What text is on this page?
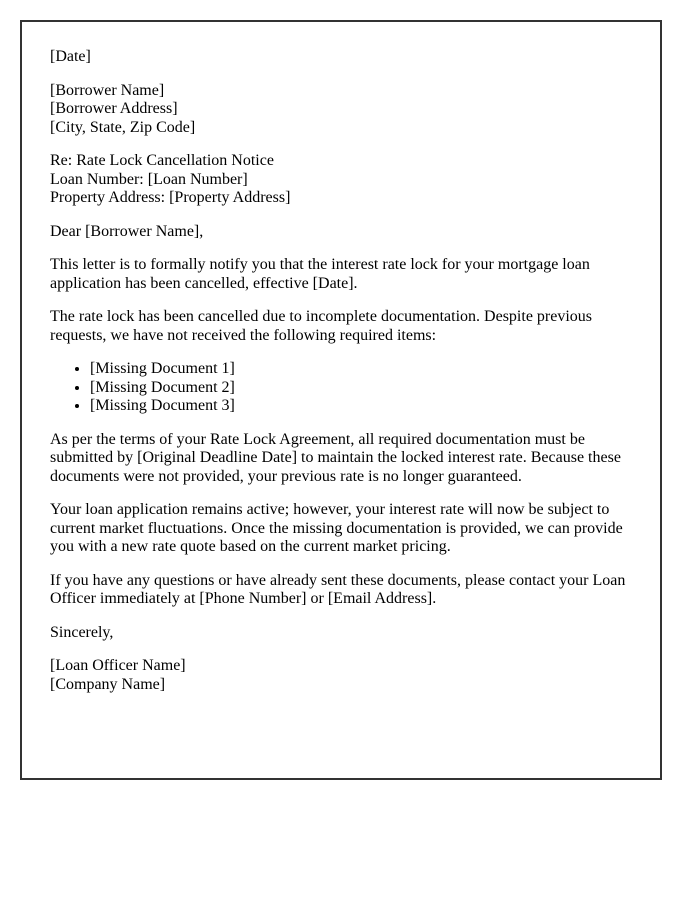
[Date]

[Borrower Name]
[Borrower Address]
[City, State, Zip Code]
Re: Rate Lock Cancellation Notice
Loan Number: [Loan Number]
Property Address: [Property Address]

Dear [Borrower Name],

This letter is to formally notify you that the interest rate lock for your mortgage loan application has been cancelled, effective [Date].

The rate lock has been cancelled due to incomplete documentation. Despite previous requests, we have not received the following required items:

• [Missing Document 1]
• [Missing Document 2]
• [Missing Document 3]

As per the terms of your Rate Lock Agreement, all required documentation must be submitted by [Original Deadline Date] to maintain the locked interest rate. Because these documents were not provided, your previous rate is no longer guaranteed.

Your loan application remains active; however, your interest rate will now be subject to current market fluctuations. Once the missing documentation is provided, we can provide you with a new rate quote based on the current market pricing.

If you have any questions or have already sent these documents, please contact your Loan Officer immediately at [Phone Number] or [Email Address].

Sincerely,

[Loan Officer Name]
[Company Name]
